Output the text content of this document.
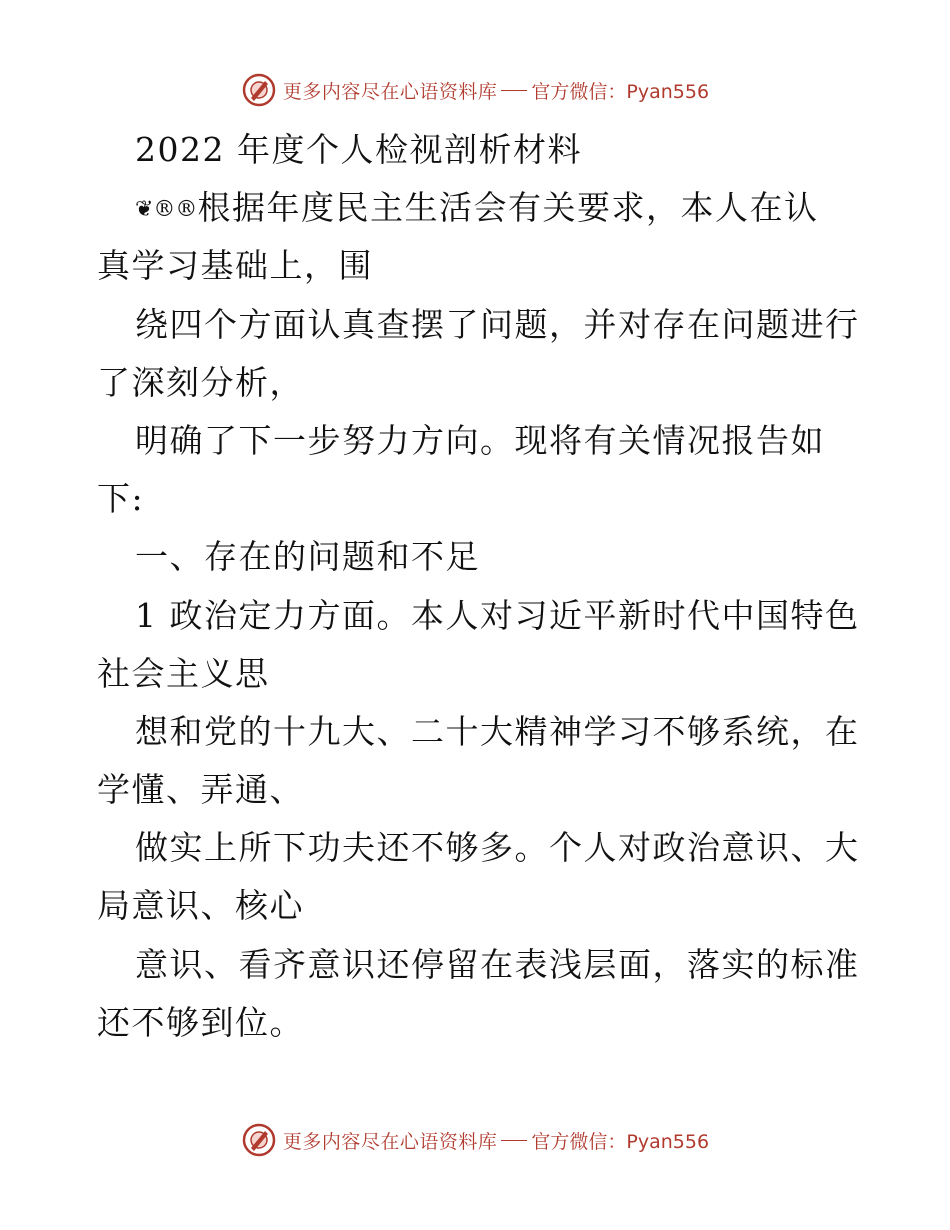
更多内容尽在心语资料库 官方微信：Pyan556
2022 年度个人检视剖析材料
❦®®根据年度民主生活会有关要求，本人在认
真学习基础上，围
绕四个方面认真查摆了问题，并对存在问题进行
了深刻分析，
明确了下一步努力方向。现将有关情况报告如
下:
一、存在的问题和不足
1 政治定力方面。本人对习近平新时代中国特色
社会主义思
想和党的十九大、二十大精神学习不够系统，在
学懂、弄通、
做实上所下功夫还不够多。个人对政治意识、大
局意识、核心
意识、看齐意识还停留在表浅层面，落实的标准
还不够到位。
更多内容尽在心语资料库 官方微信：Pyan556
